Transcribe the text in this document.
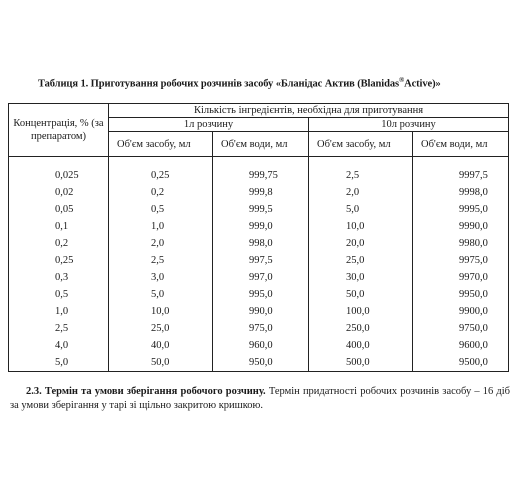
Таблиця 1. Приготування робочих розчинів засобу «Бланідас Актив (Blanidas®Active)»
Концентрація, % (за препаратом)	Кількість інгредієнтів, необхідна для приготування			
	1л розчину		10л розчину	
	Об'єм засобу, мл	Об'єм води, мл	Об'єм засобу, мл	Об'єм води, мл

0,025	0,25	999,75	2,5	9997,5
0,02	0,2	999,8	2,0	9998,0
0,05	0,5	999,5	5,0	9995,0
0,1	1,0	999,0	10,0	9990,0
0,2	2,0	998,0	20,0	9980,0
0,25	2,5	997,5	25,0	9975,0
0,3	3,0	997,0	30,0	9970,0
0,5	5,0	995,0	50,0	9950,0
1,0	10,0	990,0	100,0	9900,0
2,5	25,0	975,0	250,0	9750,0
4,0	40,0	960,0	400,0	9600,0
5,0	50,0	950,0	500,0	9500,0
2.3. Термін та умови зберігання робочого розчину. Термін придатності робочих розчинів засобу – 16 діб за умови зберігання у тарі зі щільно закритою кришкою.
